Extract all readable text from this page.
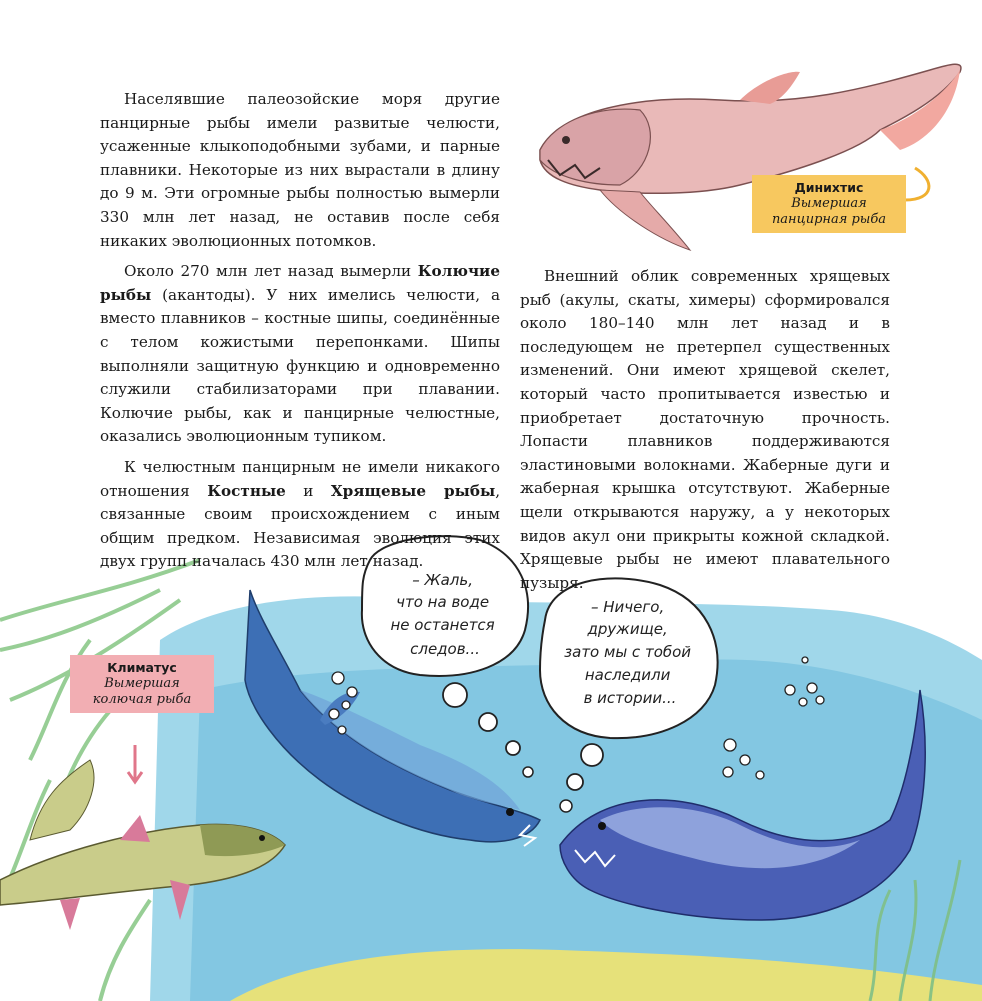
– Жаль, что на воде не останется следов...
– Ничего, дружище, зато мы с тобой наследили в истории...

Населявшие палеозойские моря другие панцирные рыбы имели развитые челюсти, усаженные клыкоподобными зубами, и парные плавники. Некоторые из них вырастали в длину до 9 м. Эти огромные рыбы полностью вымерли 330 млн лет назад, не оставив после себя никаких эволюционных потомков.

Около 270 млн лет назад вымерли Колючие рыбы (акантоды). У них имелись челюсти, а вместо плавников – костные шипы, соединённые с телом кожистыми перепонками. Шипы выполняли защитную функцию и одновременно служили стабилизаторами при плавании. Колючие рыбы, как и панцирные челюстные, оказались эволюционным тупиком.

К челюстным панцирным не имели никакого отношения Костные и Хрящевые рыбы, связанные своим происхождением с иным общим предком. Независимая эволюция этих двух групп началась 430 млн лет назад.

Внешний облик современных хрящевых рыб (акулы, скаты, химеры) сформировался около 180–140 млн лет назад и в последующем не претерпел существенных изменений. Они имеют хрящевой скелет, который часто пропитывается известью и приобретает достаточную прочность. Лопасти плавников поддерживаются эластиновыми волокнами. Жаберные дуги и жаберная крышка отсутствуют. Жаберные щели открываются наружу, а у некоторых видов акул они прикрыты кожной складкой. Хрящевые рыбы не имеют плавательного пузыря.

Динихтис
Вымершая
панцирная рыба
Климатус
Вымершая
колючая рыба
